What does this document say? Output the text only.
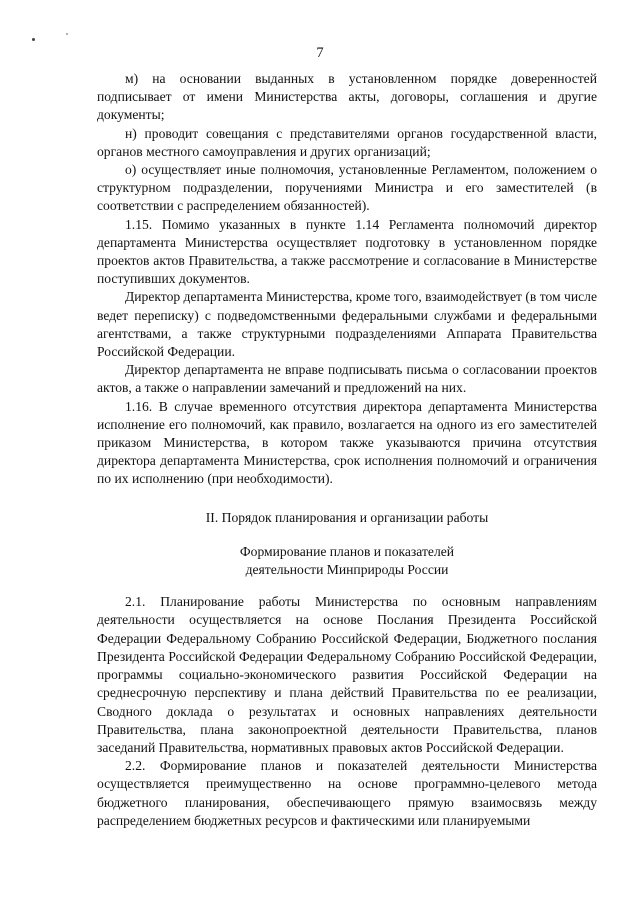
7

м) на основании выданных в установленном порядке доверенностей подписывает от имени Министерства акты, договоры, соглашения и другие документы;

н) проводит совещания с представителями органов государственной власти, органов местного самоуправления и других организаций;

о) осуществляет иные полномочия, установленные Регламентом, положением о структурном подразделении, поручениями Министра и его заместителей (в соответствии с распределением обязанностей).

1.15. Помимо указанных в пункте 1.14 Регламента полномочий директор департамента Министерства осуществляет подготовку в установленном порядке проектов актов Правительства, а также рассмотрение и согласование в Министерстве поступивших документов.

Директор департамента Министерства, кроме того, взаимодействует (в том числе ведет переписку) с подведомственными федеральными службами и федеральными агентствами, а также структурными подразделениями Аппарата Правительства Российской Федерации.

Директор департамента не вправе подписывать письма о согласовании проектов актов, а также о направлении замечаний и предложений на них.

1.16. В случае временного отсутствия директора департамента Министерства исполнение его полномочий, как правило, возлагается на одного из его заместителей приказом Министерства, в котором также указываются причина отсутствия директора департамента Министерства, срок исполнения полномочий и ограничения по их исполнению (при необходимости).

II. Порядок планирования и организации работы

Формирование планов и показателей

деятельности Минприроды России

2.1. Планирование работы Министерства по основным направлениям деятельности осуществляется на основе Послания Президента Российской Федерации Федеральному Собранию Российской Федерации, Бюджетного послания Президента Российской Федерации Федеральному Собранию Российской Федерации, программы социально-экономического развития Российской Федерации на среднесрочную перспективу и плана действий Правительства по ее реализации, Сводного доклада о результатах и основных направлениях деятельности Правительства, плана законопроектной деятельности Правительства, планов заседаний Правительства, нормативных правовых актов Российской Федерации.

2.2. Формирование планов и показателей деятельности Министерства осуществляется преимущественно на основе программно-целевого метода бюджетного планирования, обеспечивающего прямую взаимосвязь между распределением бюджетных ресурсов и фактическими или планируемыми
